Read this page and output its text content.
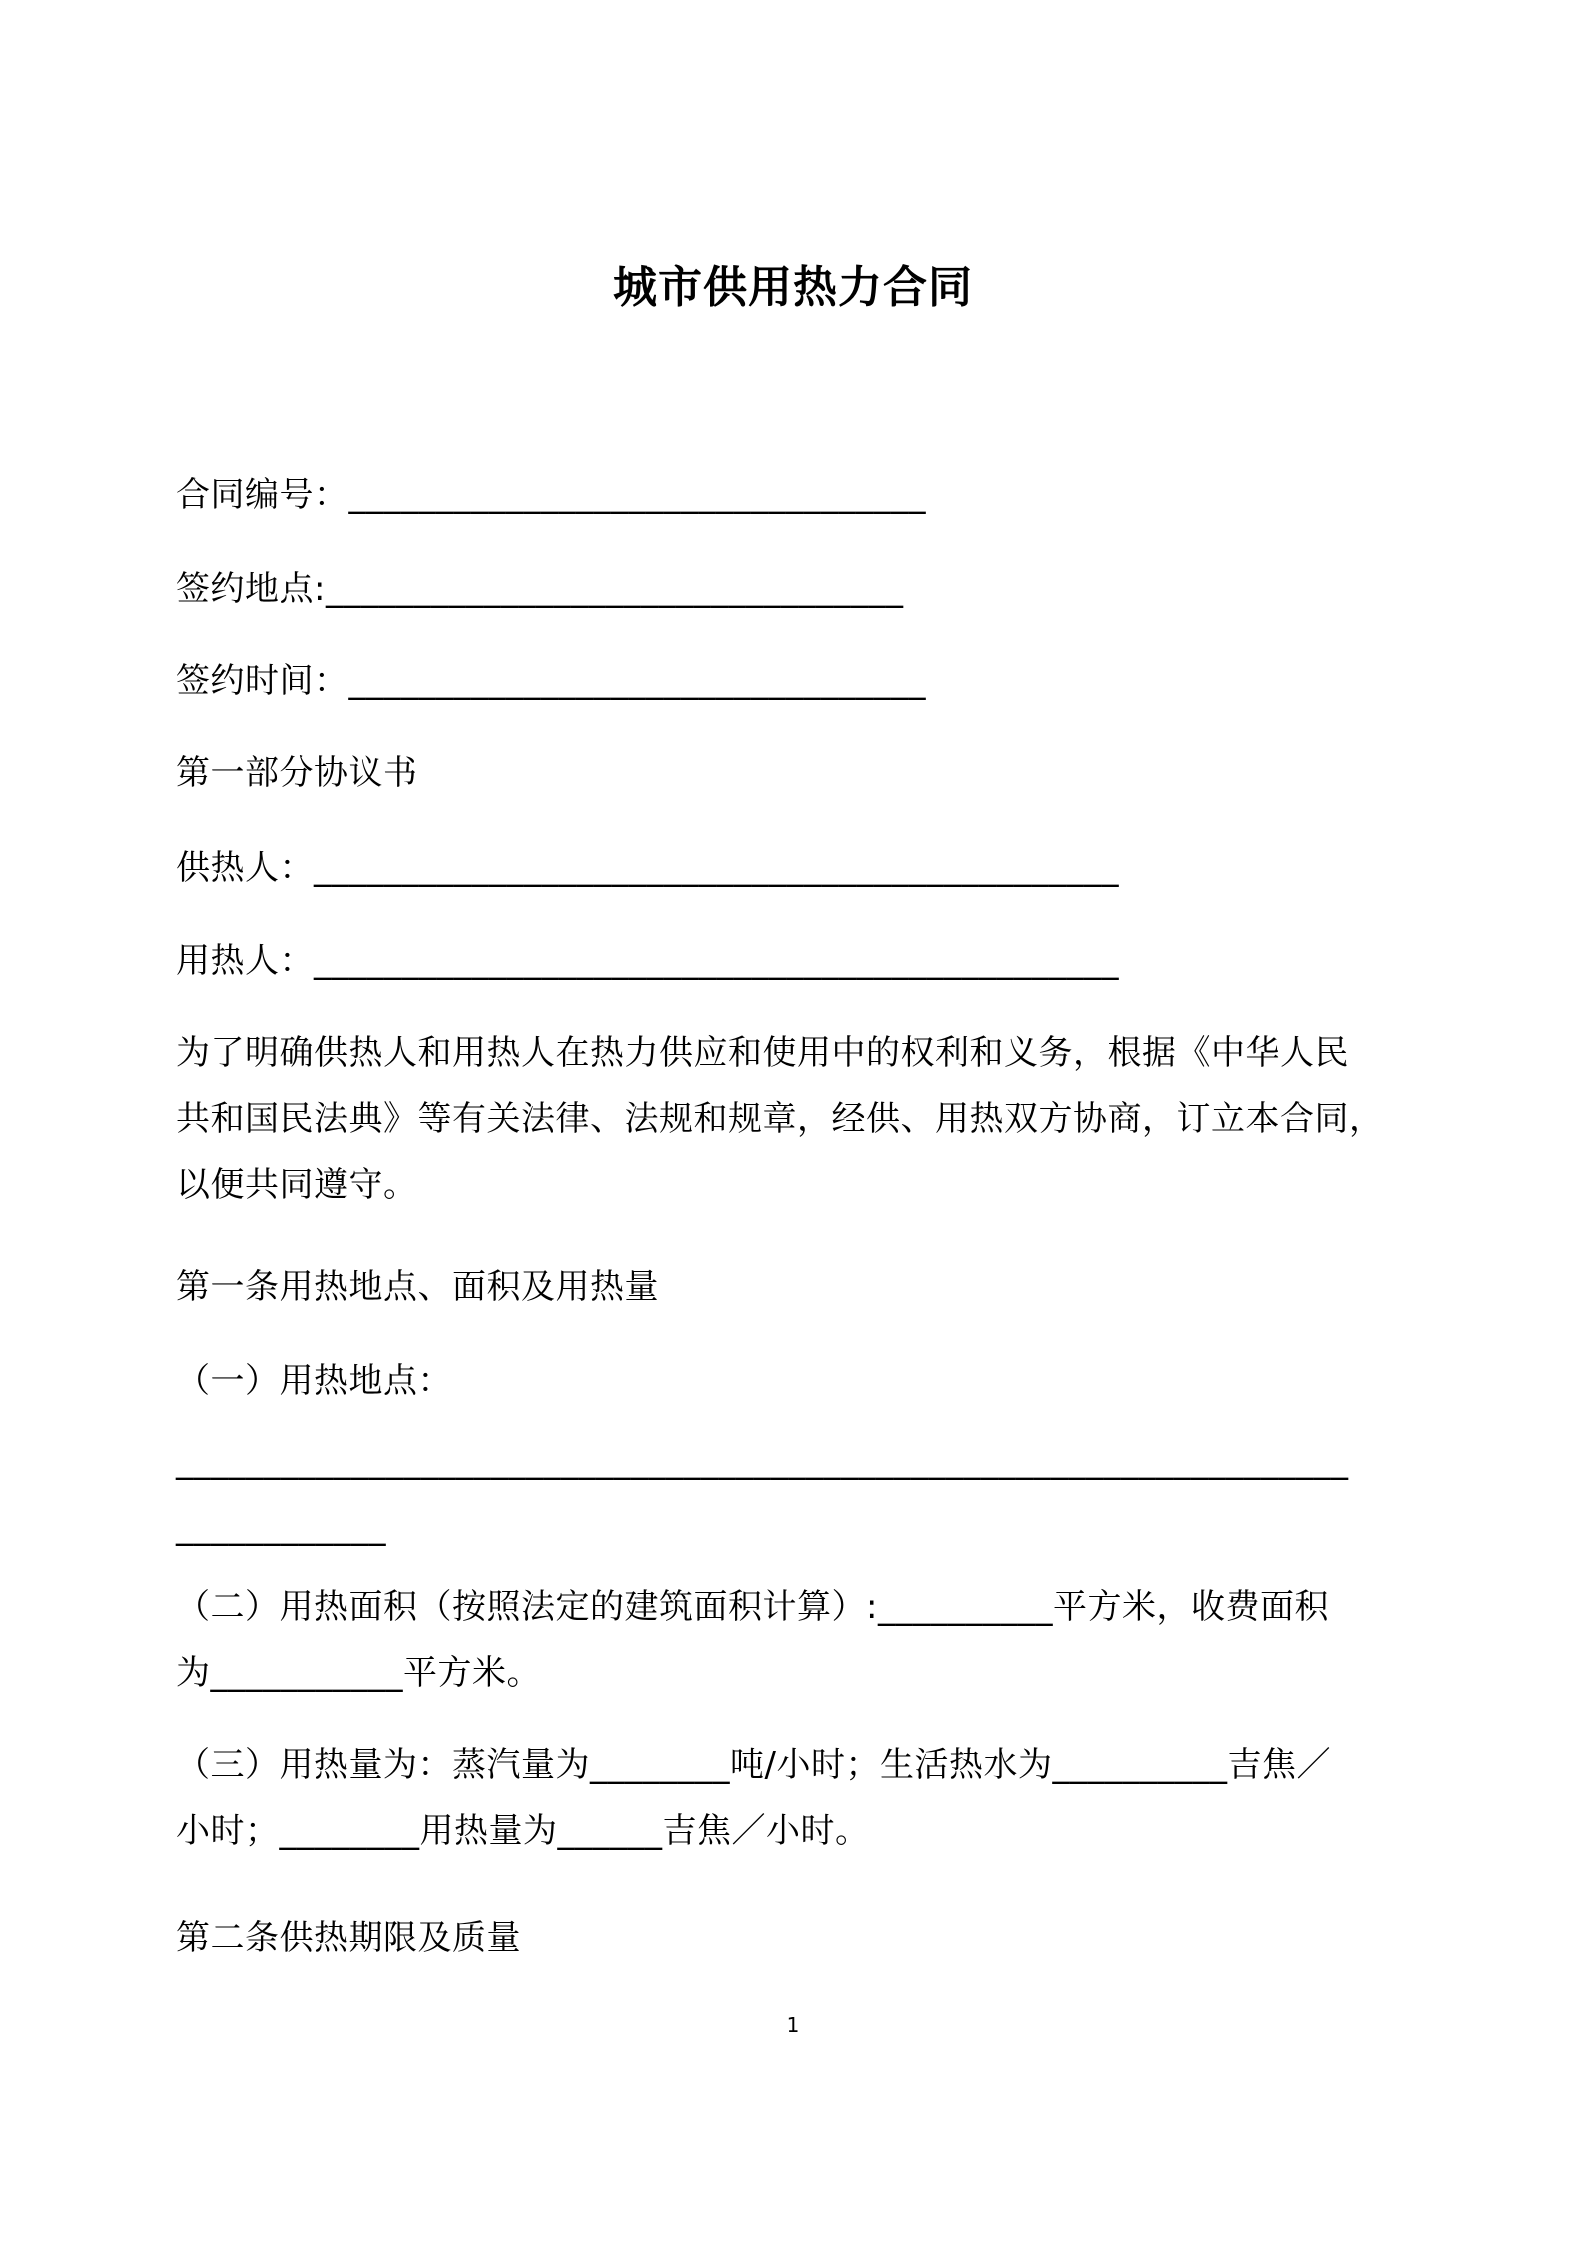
城市供用热力合同
合同编号：_________________________________
签约地点:_________________________________
签约时间：_________________________________
第一部分协议书
供热人：______________________________________________
用热人：______________________________________________
为了明确供热人和用热人在热力供应和使用中的权利和义务，根据《中华人民
共和国民法典》等有关法律、法规和规章，经供、用热双方协商，订立本合同，
以便共同遵守。
第一条用热地点、面积及用热量
（一）用热地点：
___________________________________________________________________
____________
（二）用热面积（按照法定的建筑面积计算）:__________平方米，收费面积
为___________平方米。
（三）用热量为：蒸汽量为________吨/小时；生活热水为__________吉焦／
小时；________用热量为______吉焦／小时。
第二条供热期限及质量
1
